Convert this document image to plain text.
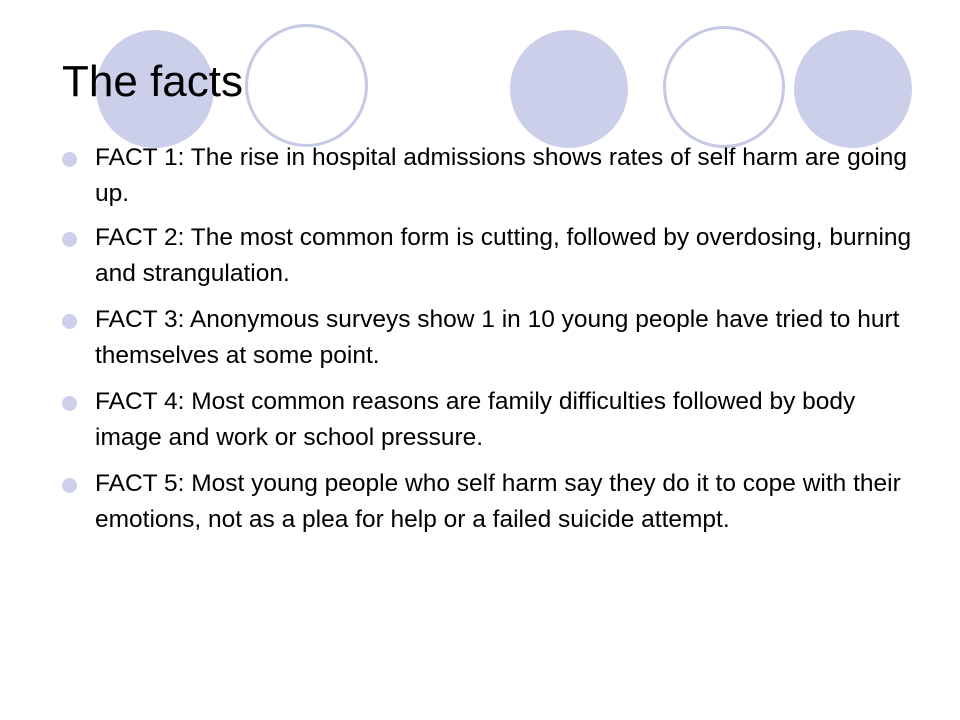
The facts
FACT 1: The rise in hospital admissions shows rates of self harm are going up.
FACT 2: The most common form is cutting, followed by overdosing, burning and strangulation.
FACT 3: Anonymous surveys show 1 in 10 young people have tried to hurt themselves at some point.
FACT 4: Most common reasons are family difficulties followed by body image and work or school pressure.
FACT 5: Most young people who self harm say they do it to cope with their emotions, not as a plea for help or a failed suicide attempt.
